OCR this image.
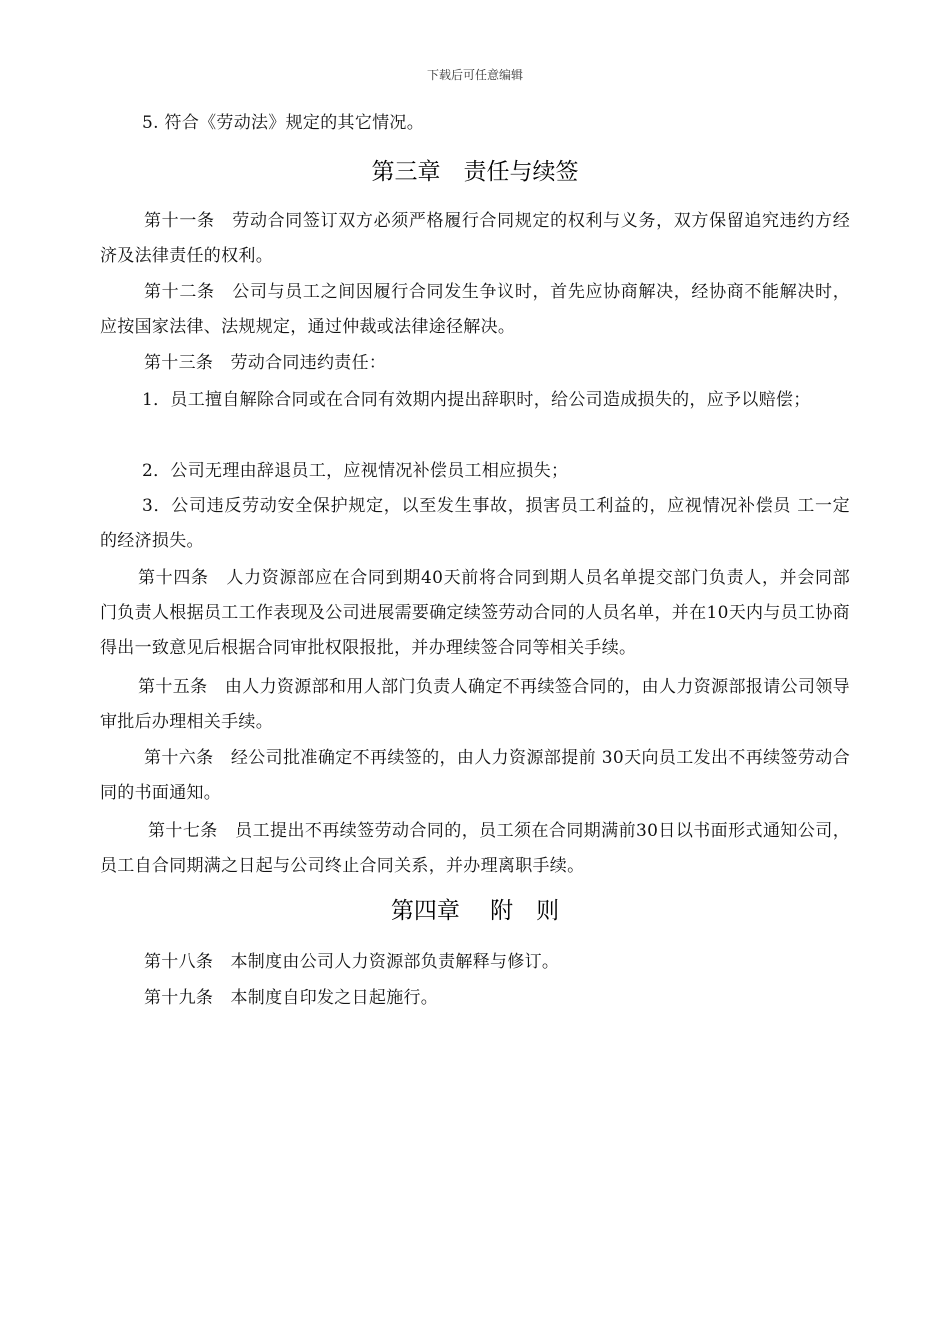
下载后可任意编辑
5. 符合《劳动法》规定的其它情况。
第三章　责任与续签
第十一条　劳动合同签订双方必须严格履行合同规定的权利与义务，双方保留追究违约方经济及法律责任的权利。
第十二条　公司与员工之间因履行合同发生争议时，首先应协商解决，经协商不能解决时，应按国家法律、法规规定，通过仲裁或法律途径解决。
第十三条　劳动合同违约责任：
1．员工擅自解除合同或在合同有效期内提出辞职时，给公司造成损失的，应予以赔偿；
2．公司无理由辞退员工，应视情况补偿员工相应损失；
3．公司违反劳动安全保护规定，以至发生事故，损害员工利益的，应视情况补偿员 工一定的经济损失。
第十四条　人力资源部应在合同到期40天前将合同到期人员名单提交部门负责人，并会同部门负责人根据员工工作表现及公司进展需要确定续签劳动合同的人员名单，并在10天内与员工协商得出一致意见后根据合同审批权限报批，并办理续签合同等相关手续。
第十五条　由人力资源部和用人部门负责人确定不再续签合同的，由人力资源部报请公司领导审批后办理相关手续。
第十六条　经公司批准确定不再续签的，由人力资源部提前 30天向员工发出不再续签劳动合同的书面通知。
第十七条　员工提出不再续签劳动合同的，员工须在合同期满前30日以书面形式通知公司，员工自合同期满之日起与公司终止合同关系，并办理离职手续。
第四章　 附　则
第十八条　本制度由公司人力资源部负责解释与修订。
第十九条　本制度自印发之日起施行。
